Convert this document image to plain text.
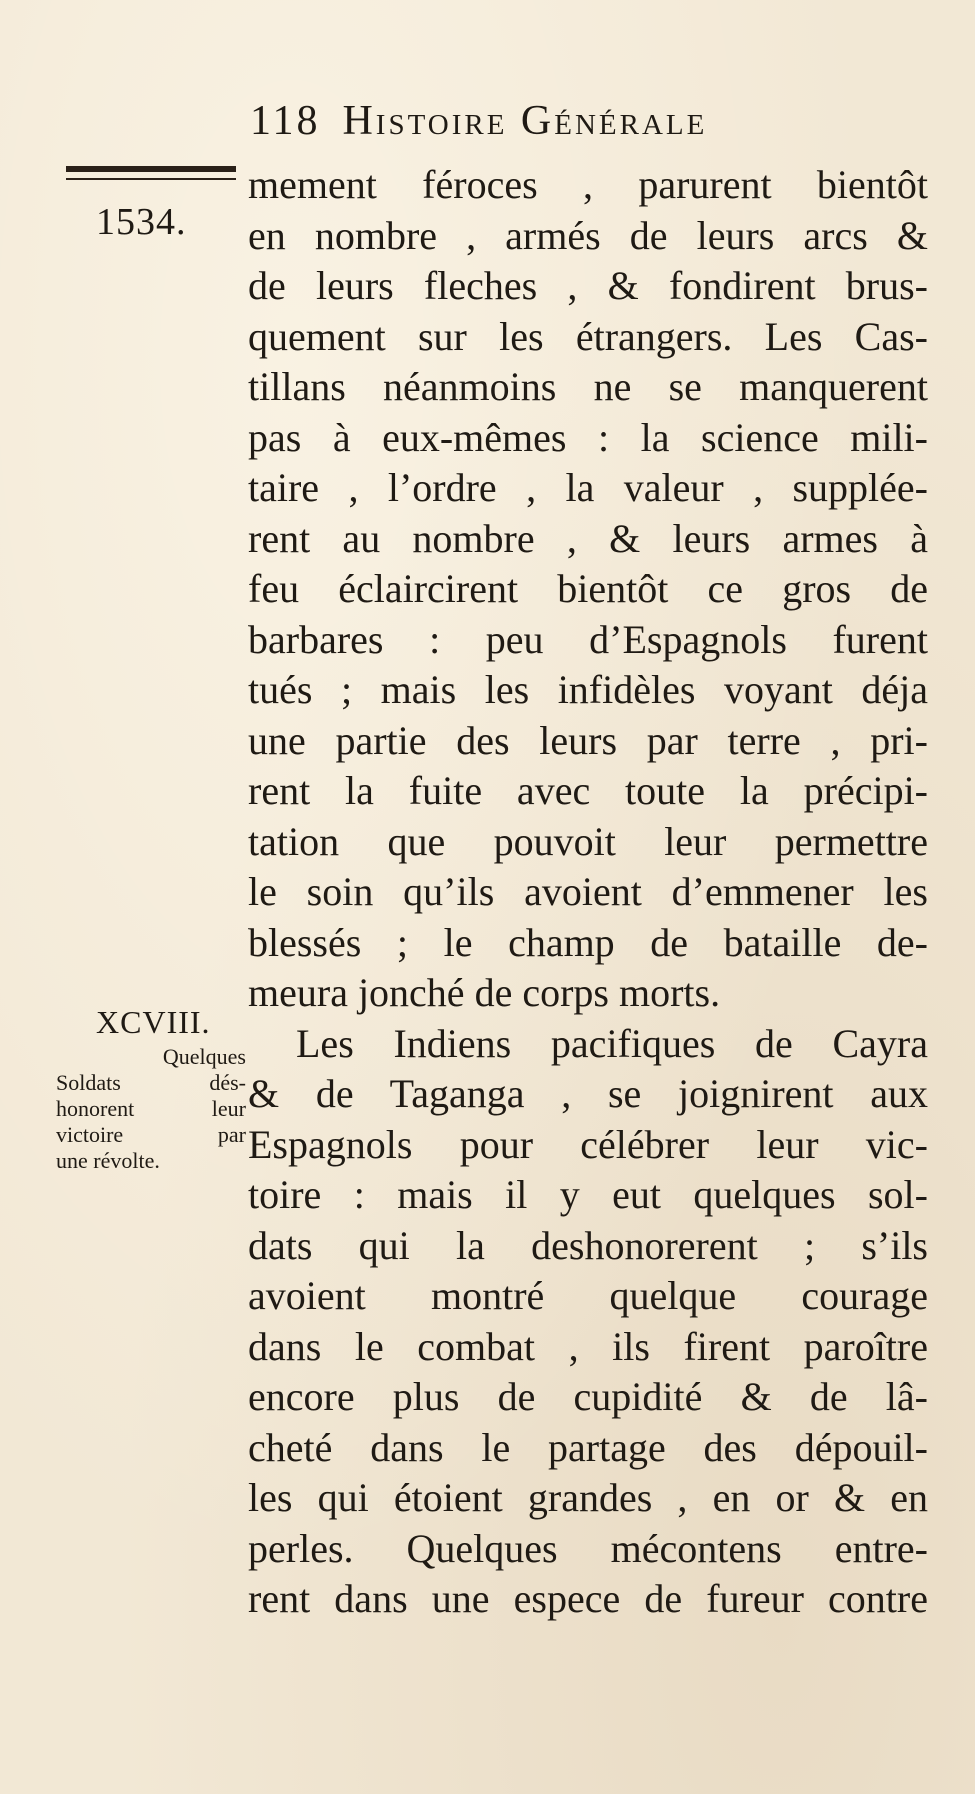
118 Histoire Générale
1534.
mement féroces , parurent bientôt
en nombre , armés de leurs arcs &
de leurs fleches , & fondirent brus-
quement sur les étrangers. Les Cas-
tillans néanmoins ne se manquerent
pas à eux-mêmes : la science mili-
taire , l’ordre , la valeur , supplée-
rent au nombre , & leurs armes à
feu éclaircirent bientôt ce gros de
barbares : peu d’Espagnols furent
tués ; mais les infidèles voyant déja
une partie des leurs par terre , pri-
rent la fuite avec toute la précipi-
tation que pouvoit leur permettre
le soin qu’ils avoient d’emmener les
blessés ; le champ de bataille de-
meura jonché de corps morts.
Les Indiens pacifiques de Cayra
& de Taganga , se joignirent aux
Espagnols pour célébrer leur vic-
toire : mais il y eut quelques sol-
dats qui la deshonorerent ; s’ils
avoient montré quelque courage
dans le combat , ils firent paroître
encore plus de cupidité & de lâ-
cheté dans le partage des dépouil-
les qui étoient grandes , en or & en
perles. Quelques mécontens entre-
rent dans une espece de fureur contre
XCVIII.
Quelques
Soldats dés-
honorent leur
victoire par
une révolte.
